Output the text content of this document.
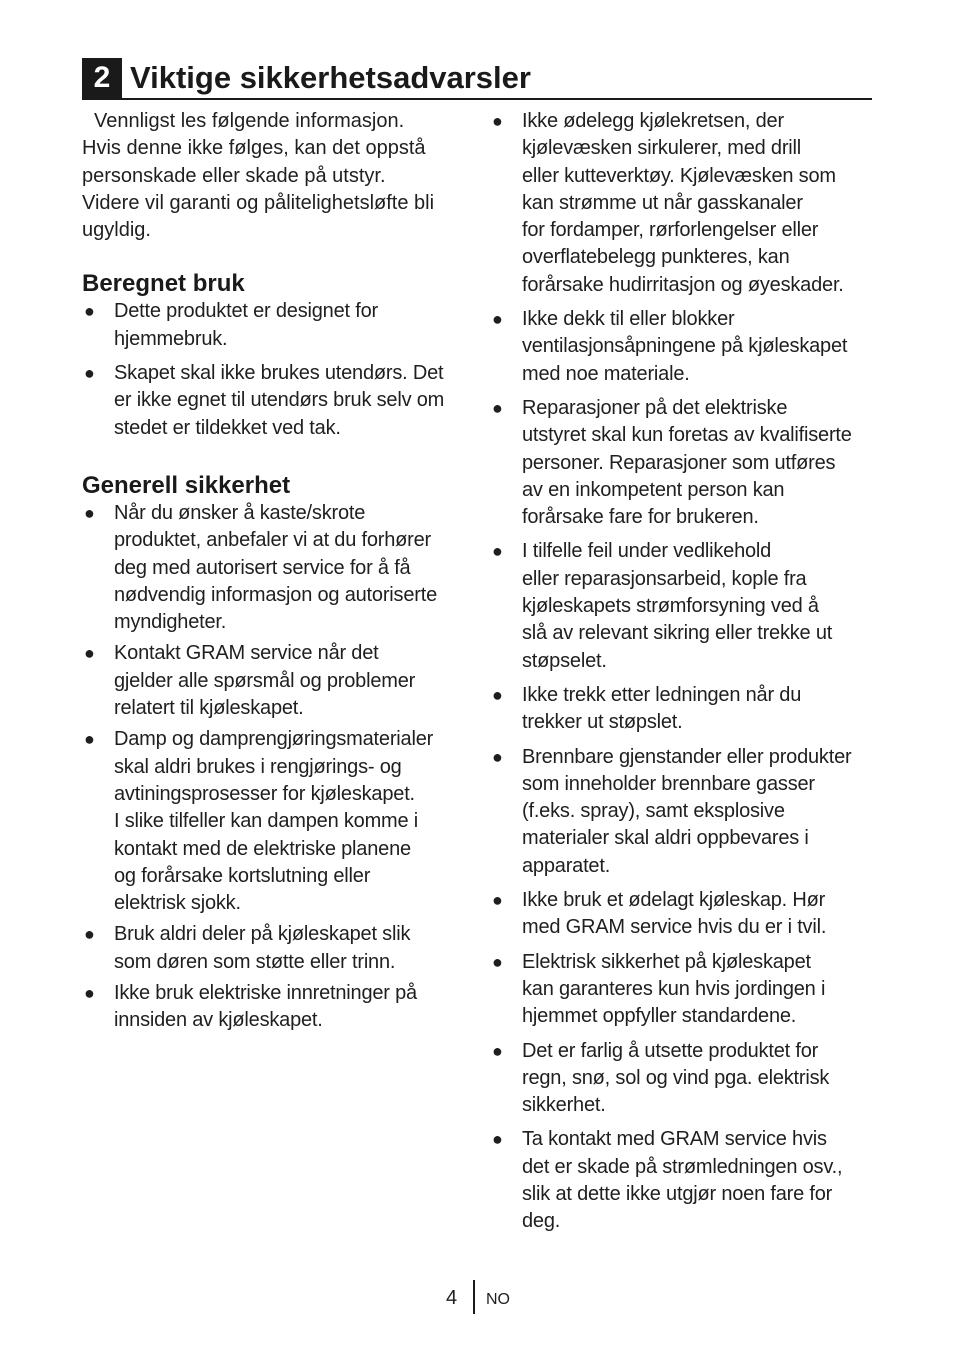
2 Viktige sikkerhetsadvarsler

Vennligst les følgende informasjon.
Hvis denne ikke følges, kan det oppstå
personskade eller skade på utstyr.
Videre vil garanti og pålitelighetsløfte bli
ugyldig.

Beregnet bruk
● Dette produktet er designet for
hjemmebruk.
● Skapet skal ikke brukes utendørs. Det
er ikke egnet til utendørs bruk selv om
stedet er tildekket ved tak.
Generell sikkerhet
● Når du ønsker å kaste/skrote
produktet, anbefaler vi at du forhører
deg med autorisert service for å få
nødvendig informasjon og autoriserte
myndigheter.
● Kontakt GRAM service når det
gjelder alle spørsmål og problemer
relatert til kjøleskapet.
● Damp og damprengjøringsmaterialer
skal aldri brukes i rengjørings- og
avtiningsprosesser for kjøleskapet.
I slike tilfeller kan dampen komme i
kontakt med de elektriske planene
og forårsake kortslutning eller
elektrisk sjokk.
● Bruk aldri deler på kjøleskapet slik
som døren som støtte eller trinn.
● Ikke bruk elektriske innretninger på
innsiden av kjøleskapet.
● Ikke ødelegg kjølekretsen, der
kjølevæsken sirkulerer, med drill
eller kutteverktøy. Kjølevæsken som
kan strømme ut når gasskanaler
for fordamper, rørforlengelser eller
overflatebelegg punkteres, kan
forårsake hudirritasjon og øyeskader.
● Ikke dekk til eller blokker
ventilasjonsåpningene på kjøleskapet
med noe materiale.
● Reparasjoner på det elektriske
utstyret skal kun foretas av kvalifiserte
personer. Reparasjoner som utføres
av en inkompetent person kan
forårsake fare for brukeren.
● I tilfelle feil under vedlikehold
eller reparasjonsarbeid, kople fra
kjøleskapets strømforsyning ved å
slå av relevant sikring eller trekke ut
støpselet.
● Ikke trekk etter ledningen når du
trekker ut støpslet.
● Brennbare gjenstander eller produkter
som inneholder brennbare gasser
(f.eks. spray), samt eksplosive
materialer skal aldri oppbevares i
apparatet.
● Ikke bruk et ødelagt kjøleskap. Hør
med GRAM service hvis du er i tvil.
● Elektrisk sikkerhet på kjøleskapet
kan garanteres kun hvis jordingen i
hjemmet oppfyller standardene.
● Det er farlig å utsette produktet for
regn, snø, sol og vind pga. elektrisk
sikkerhet.
● Ta kontakt med GRAM service hvis
det er skade på strømledningen osv.,
slik at dette ikke utgjør noen fare for
deg.
4 NO
